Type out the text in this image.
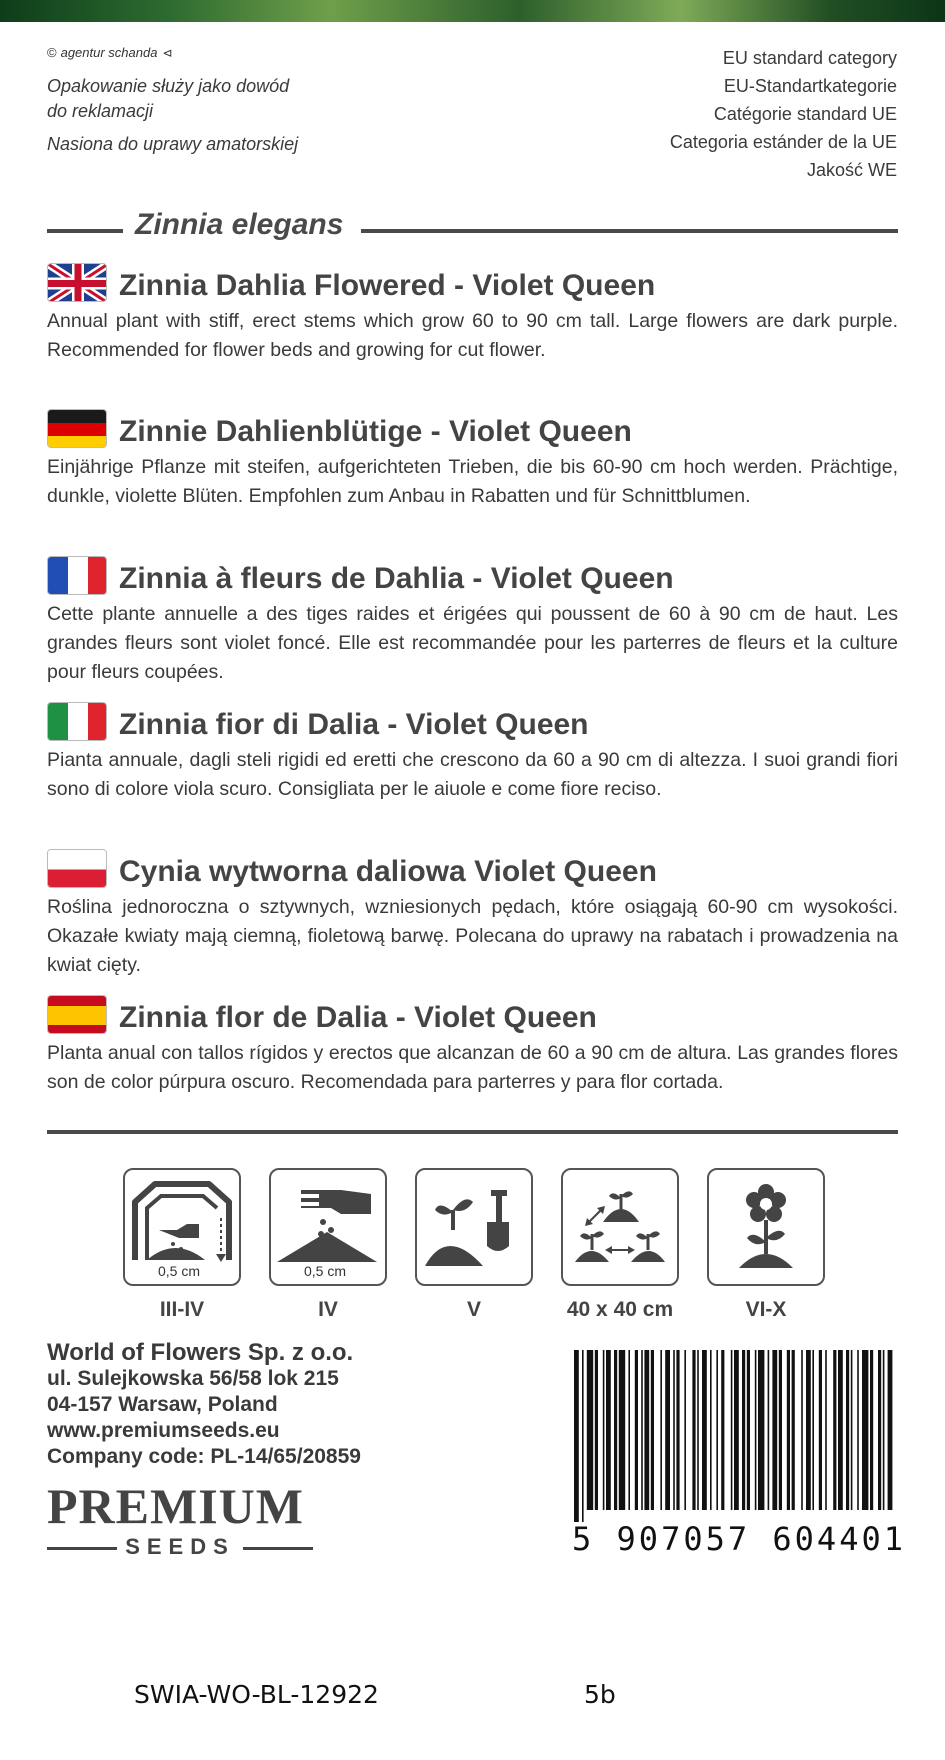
© agentur schanda ⊲

Opakowanie służy jako dowód do reklamacji

Nasiona do uprawy amatorskiej

EU standard category
EU-Standartkategorie
Catégorie standard UE
Categoria estánder de la UE
Jakość WE
Zinnia elegans
Zinnia Dahlia Flowered - Violet Queen
Annual plant with stiff, erect stems which grow 60 to 90 cm tall. Large flowers are dark purple. Recommended for flower beds and growing for cut flower.
Zinnie Dahlienblütige - Violet Queen
Einjährige Pflanze mit steifen, aufgerichteten Trieben, die bis 60-90 cm hoch werden. Prächtige, dunkle, violette Blüten. Empfohlen zum Anbau in Rabatten und für Schnittblumen.
Zinnia à fleurs de Dahlia - Violet Queen
Cette plante annuelle a des tiges raides et érigées qui poussent de 60 à 90 cm de haut. Les grandes fleurs sont violet foncé. Elle est recommandée pour les parterres de fleurs et la culture pour fleurs coupées.
Zinnia fior di Dalia - Violet Queen
Pianta annuale, dagli steli rigidi ed eretti che crescono da 60 a 90 cm di altezza. I suoi grandi fiori sono di colore viola scuro. Consigliata per le aiuole e come fiore reciso.
Cynia wytworna daliowa Violet Queen
Roślina jednoroczna o sztywnych, wzniesionych pędach, które osiągają 60-90 cm wysokości. Okazałe kwiaty mają ciemną, fioletową barwę. Polecana do uprawy na rabatach i prowadzenia na kwiat cięty.
Zinnia flor de Dalia - Violet Queen
Planta anual con tallos rígidos y erectos que alcanzan de 60 a 90 cm de altura. Las grandes flores son de color púrpura oscuro. Recomendada para parterres y para flor cortada.
0,5 cm	0,5 cm
III-IV	IV	V	40 x 40 cm	VI-X
World of Flowers Sp. z o.o.
ul. Sulejkowska 56/58 lok 215
04-157 Warsaw, Poland
www.premiumseeds.eu
Company code: PL-14/65/20859
PREMIUM
SEEDS	5 907057 604401
SWIA-WO-BL-12922	5b
